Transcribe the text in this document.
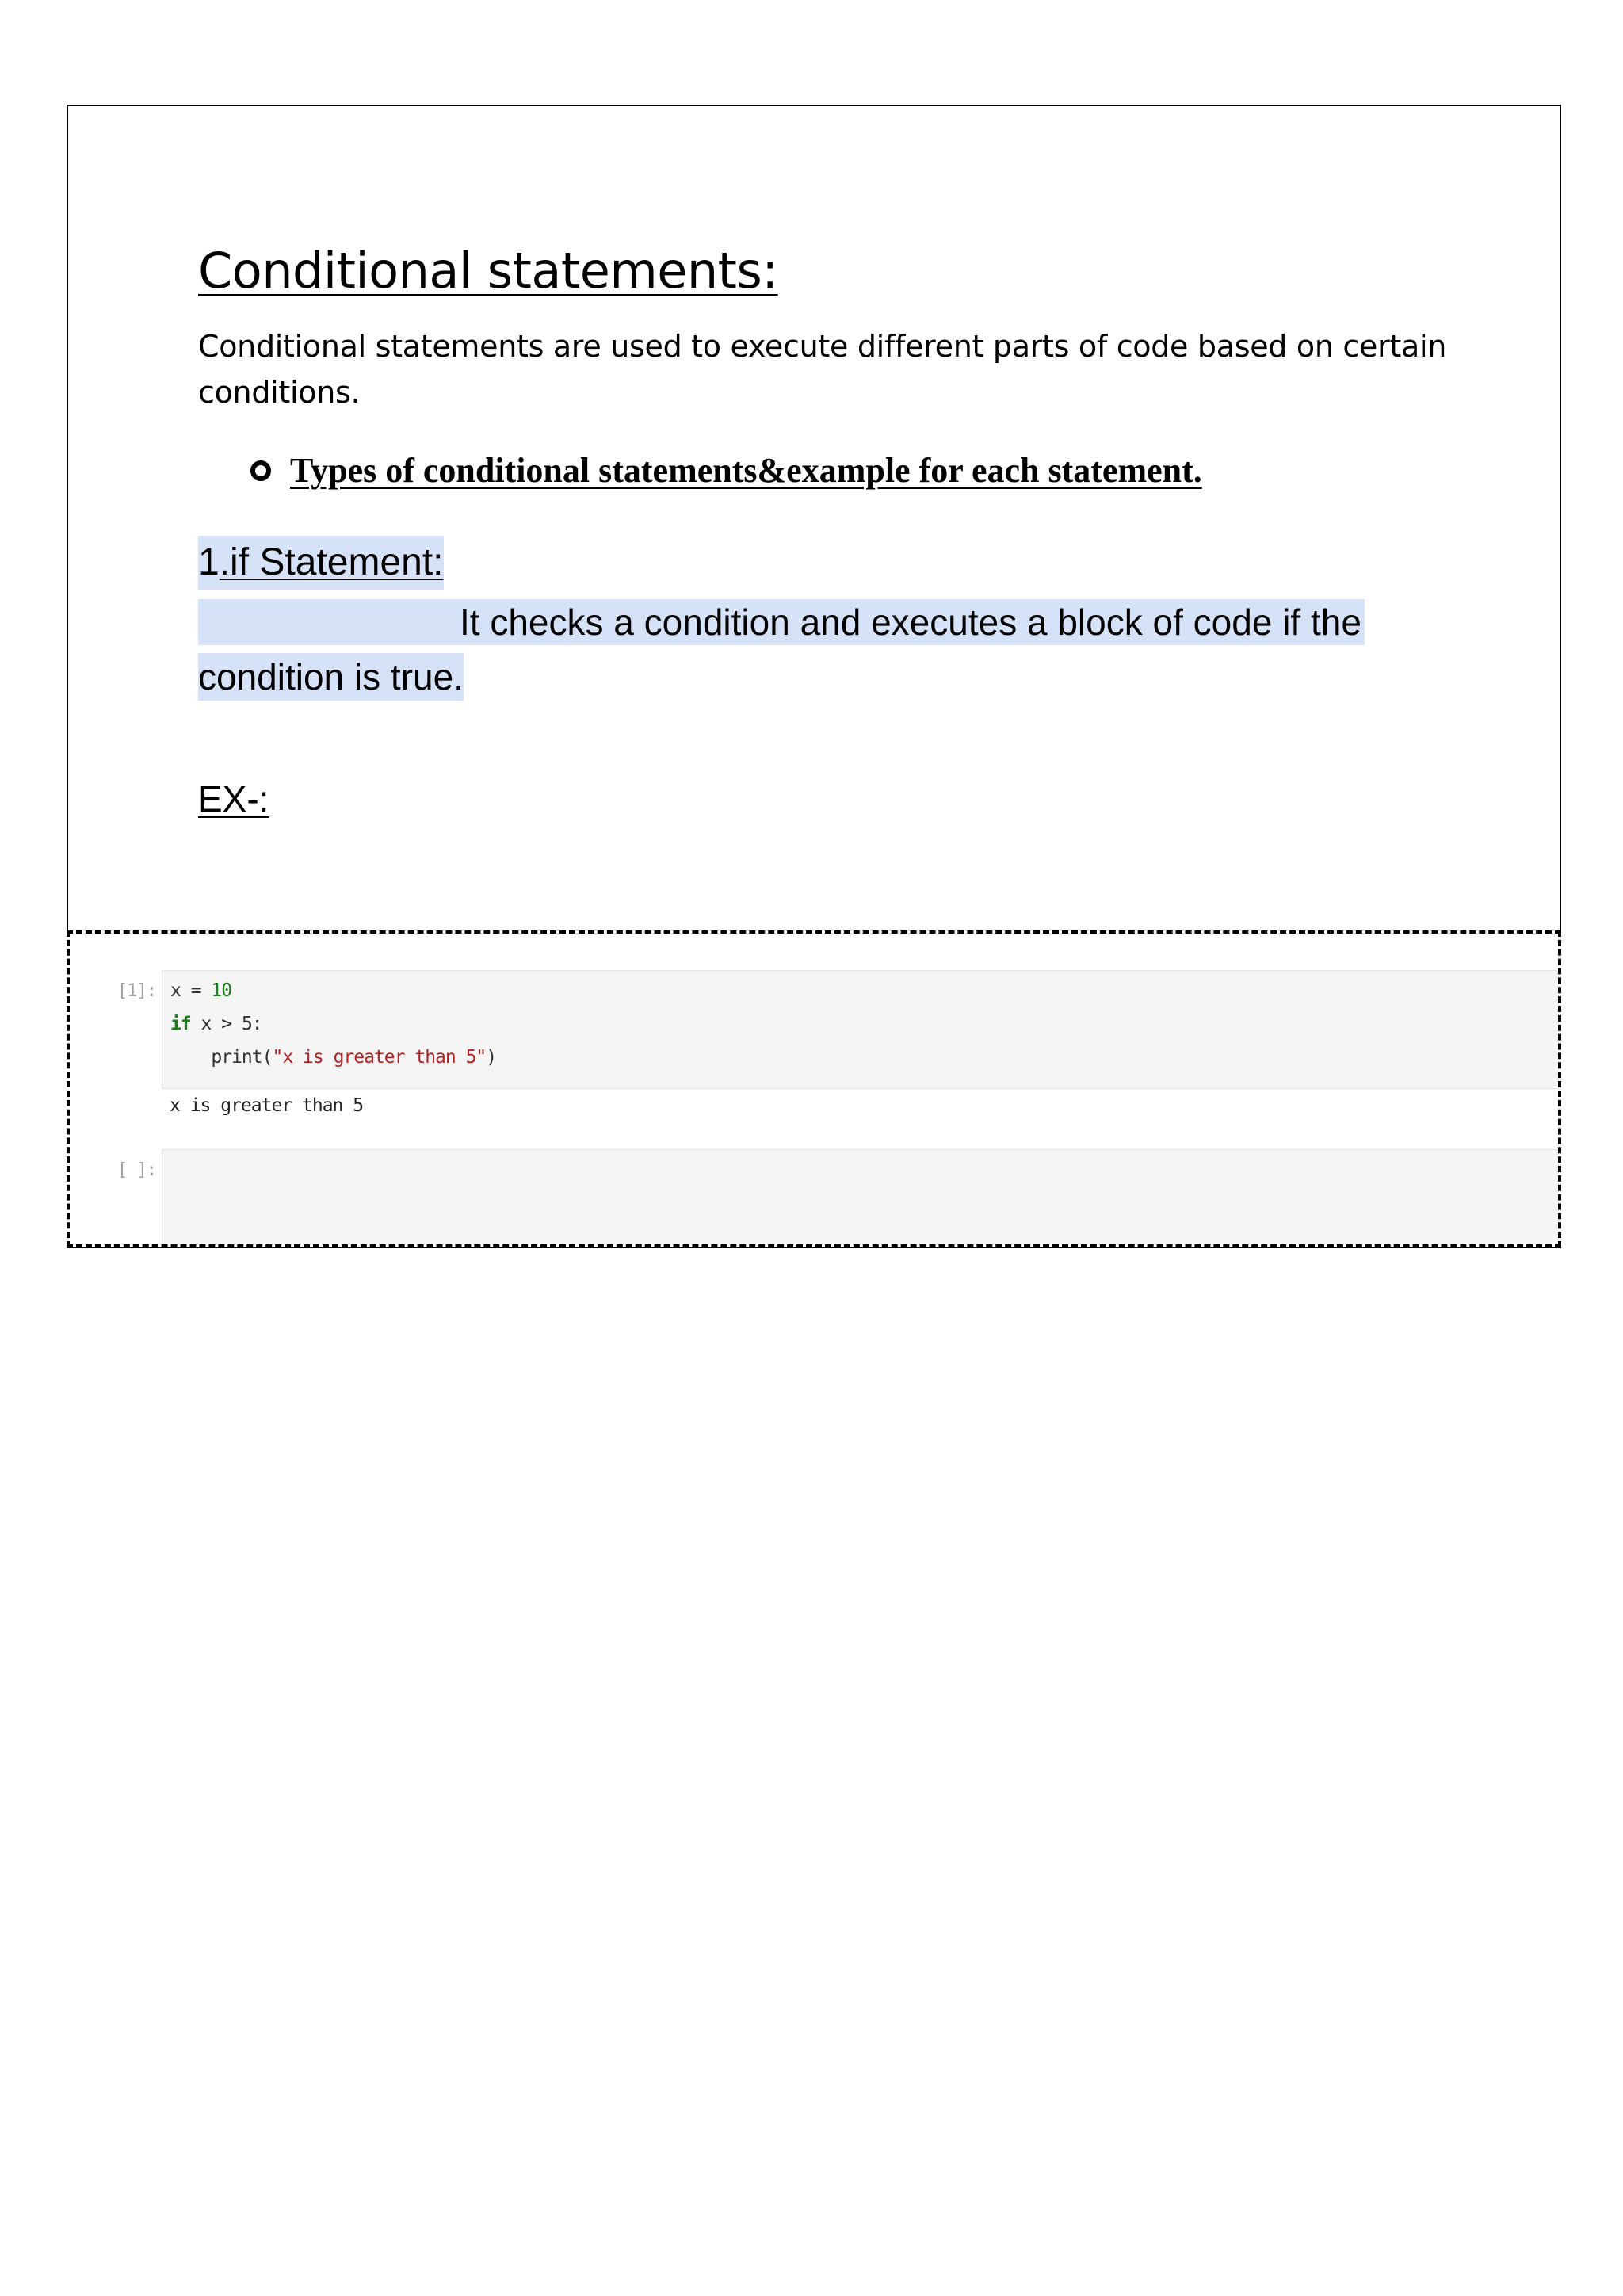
Conditional statements:

Conditional statements are used to execute different parts of code based on certain conditions.

Types of conditional statements&example for each statement.
1.if Statement:
It checks a condition and executes a block of code if the
condition is true.
EX-:
[1]: x = 10
if x > 5:
print("x is greater than 5")
x is greater than 5
[ ]:
